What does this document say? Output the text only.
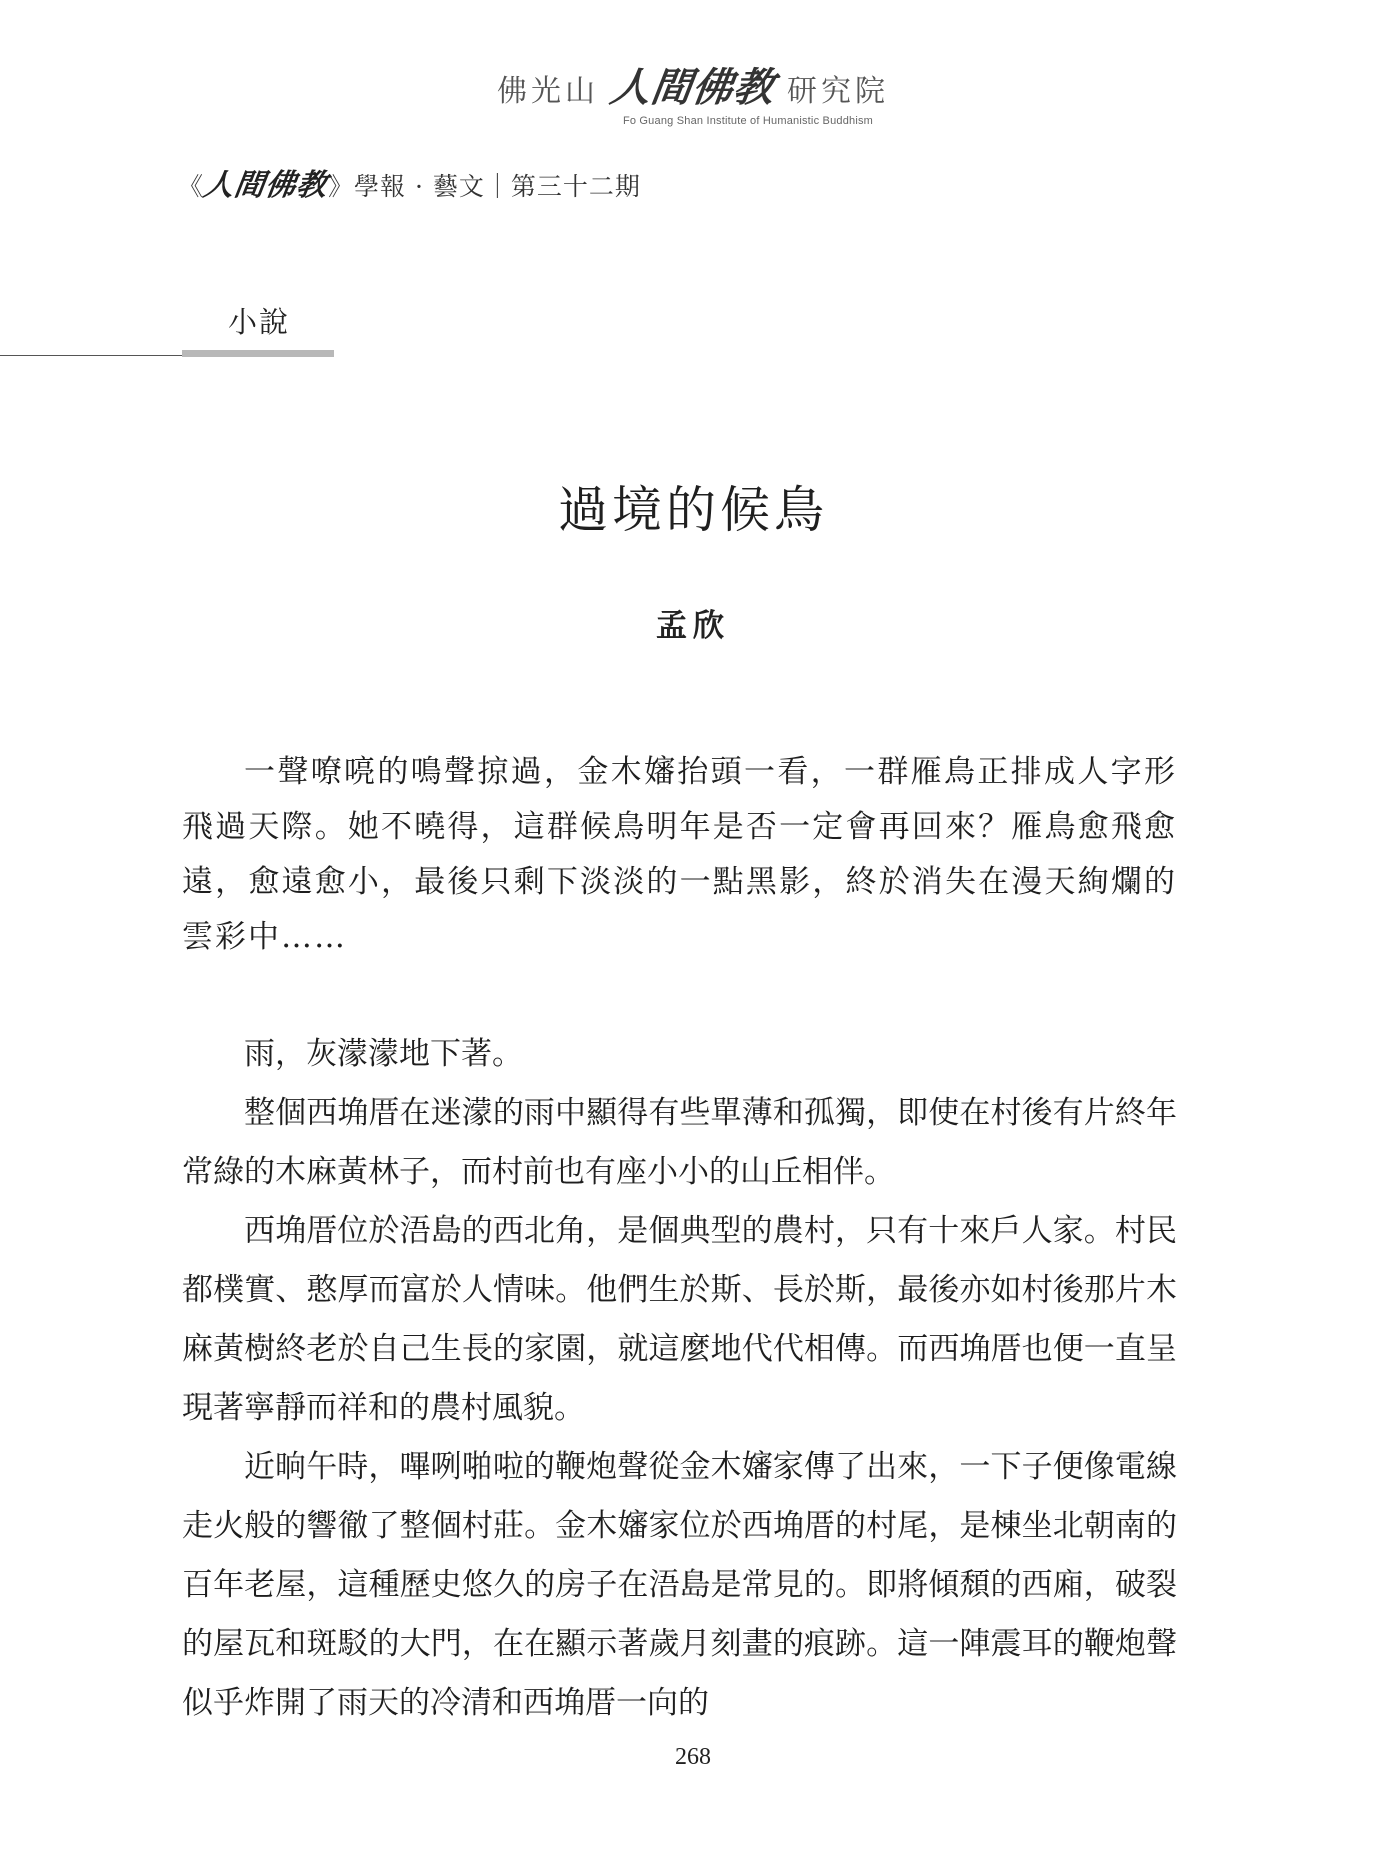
佛光山 人間佛教 研究院
Fo Guang Shan Institute of Humanistic Buddhism
《人間佛教》學報 · 藝文｜第三十二期
小說
過境的候鳥
孟欣

一聲嘹喨的鳴聲掠過，金木嬸抬頭一看，一群雁鳥正排成人字形飛過天際。她不曉得，這群候鳥明年是否一定會再回來？雁鳥愈飛愈遠，愈遠愈小，最後只剩下淡淡的一點黑影，終於消失在漫天絢爛的雲彩中……

雨，灰濛濛地下著。

整個西埆厝在迷濛的雨中顯得有些單薄和孤獨，即使在村後有片終年常綠的木麻黃林子，而村前也有座小小的山丘相伴。

西埆厝位於浯島的西北角，是個典型的農村，只有十來戶人家。村民都樸實、憨厚而富於人情味。他們生於斯、長於斯，最後亦如村後那片木麻黃樹終老於自己生長的家園，就這麼地代代相傳。而西埆厝也便一直呈現著寧靜而祥和的農村風貌。

近晌午時，嗶咧啪啦的鞭炮聲從金木嬸家傳了出來，一下子便像電線走火般的響徹了整個村莊。金木嬸家位於西埆厝的村尾，是棟坐北朝南的百年老屋，這種歷史悠久的房子在浯島是常見的。即將傾頹的西廂，破裂的屋瓦和斑駁的大門，在在顯示著歲月刻畫的痕跡。這一陣震耳的鞭炮聲似乎炸開了雨天的冷清和西埆厝一向的

268
